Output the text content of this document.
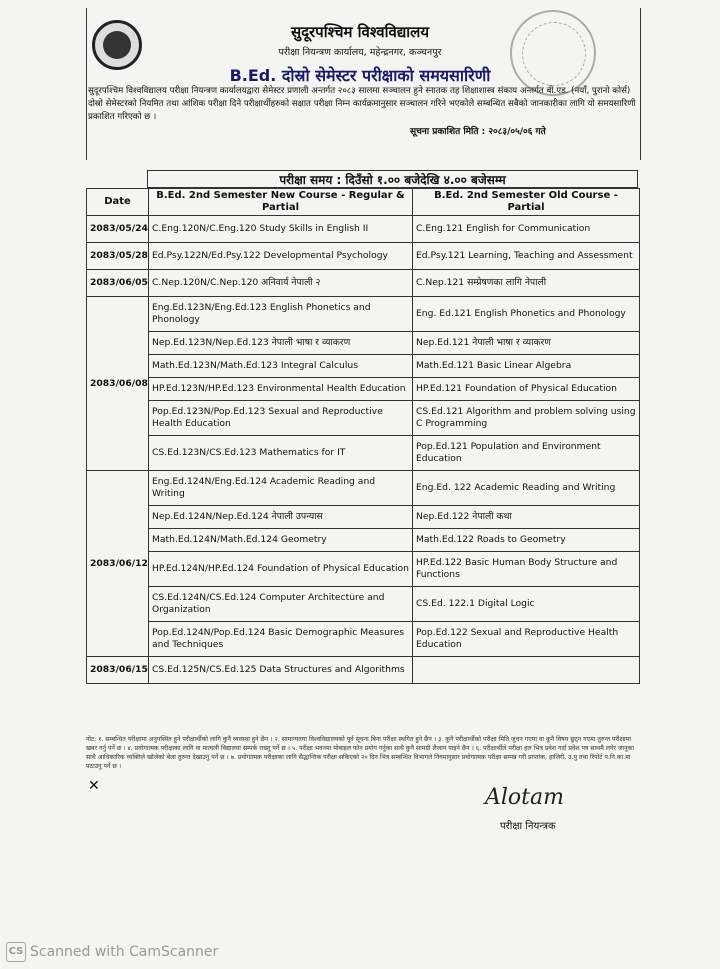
सुदूरपश्चिम विश्वविद्यालय
परीक्षा नियन्त्रण कार्यालय, महेन्द्रनगर, कञ्चनपुर
B.Ed. दोस्रो सेमेस्टर परीक्षाको समयसारिणी
सुदूरपश्चिम विश्वविद्यालय परीक्षा नियन्त्रण कार्यालयद्वारा सेमेस्टर प्रणाली अन्तर्गत २०८३ सालमा सञ्चालन हुने स्नातक तह शिक्षाशास्त्र संकाय अन्तर्गत बी.एड. (नयाँ, पुरानो कोर्स) दोस्रो सेमेस्टरको नियमित तथा आंशिक परीक्षा दिने परीक्षार्थीहरुको सक्षात परीक्षा निम्न कार्यक्रमानुसार सञ्चालन गरिने भएकोले सम्बन्धित सबैको जानकारीका लागि यो समयसारिणी प्रकाशित गरिएको छ ।
सूचना प्रकाशित मिति : २०८३/०५/०६ गते
परीक्षा समय : दिउँसो १.०० बजेदेखि ४.०० बजेसम्म
Date	B.Ed. 2nd Semester New Course - Regular & Partial	B.Ed. 2nd Semester Old Course - Partial
2083/05/24	C.Eng.120N/C.Eng.120 Study Skills in English II	C.Eng.121 English for Communication
2083/05/28	Ed.Psy.122N/Ed.Psy.122 Developmental Psychology	Ed.Psy.121 Learning, Teaching and Assessment
2083/06/05	C.Nep.120N/C.Nep.120 अनिवार्य नेपाली २	C.Nep.121 सम्प्रेषणका लागि नेपाली
2083/06/08	Eng.Ed.123N/Eng.Ed.123 English Phonetics and Phonology	Eng. Ed.121 English Phonetics and Phonology

	Nep.Ed.123N/Nep.Ed.123 नेपाली भाषा र व्याकरण	Nep.Ed.121 नेपाली भाषा र व्याकरण

	Math.Ed.123N/Math.Ed.123 Integral Calculus	Math.Ed.121 Basic Linear Algebra

	HP.Ed.123N/HP.Ed.123 Environmental Health Education	HP.Ed.121 Foundation of Physical Education

	Pop.Ed.123N/Pop.Ed.123 Sexual and Reproductive Health Education	CS.Ed.121 Algorithm and problem solving using C Programming

	CS.Ed.123N/CS.Ed.123 Mathematics for IT	Pop.Ed.121 Population and Environment Education

2083/06/12	Eng.Ed.124N/Eng.Ed.124 Academic Reading and Writing	Eng.Ed. 122 Academic Reading and Writing

	Nep.Ed.124N/Nep.Ed.124 नेपाली उपन्यास	Nep.Ed.122 नेपाली कथा

	Math.Ed.124N/Math.Ed.124 Geometry	Math.Ed.122 Roads to Geometry

	HP.Ed.124N/HP.Ed.124 Foundation of Physical Education	HP.Ed.122 Basic Human Body Structure and Functions

	CS.Ed.124N/CS.Ed.124 Computer Architecture and Organization	CS.Ed. 122.1 Digital Logic

	Pop.Ed.124N/Pop.Ed.124 Basic Demographic Measures and Techniques	Pop.Ed.122 Sexual and Reproductive Health Education

2083/06/15	CS.Ed.125N/CS.Ed.125 Data Structures and Algorithms	
नोट: १. सम्बन्धित परीक्षामा अनुपस्थित हुने परीक्षार्थीको लागि कुनै व्यवस्था हुने छैन । २. सामान्यतया विश्वविद्यालयको पूर्व सूचना बिना परीक्षा स्थगित हुने छैन । ३. कुनै परीक्षार्थीको परीक्षा मिति जुधन गएमा वा कुनै विषय छुट्न गएमा तुरुन्त परीक्षामा खबर गर्नु पर्ने छ । ४. प्रयोगात्मक परीक्षाका लागि वा मात्यली विद्यालया सम्पर्क राख्नु पर्ने छ । ५. परीक्षा भवनमा मोबाइल फोन प्रयोग गर्नुका साथै कुनै सामग्री लैजान पाइने छैन । ६. परीक्षार्थीले परीक्षा हल भित्र प्रवेश गर्दा प्रवेश पत्र साथमै लगेर जानुका साथै आधिकारिक व्यक्तिले खोजेको बेला तुरुन्त देखाउनु पर्ने छ । ७. प्रयोगात्मक परीक्षाका लागि सैद्धान्तिक परीक्षा सकिएको २० दिन भित्र सम्बन्धित विभागले नियमानुसार प्रयोगात्मक परीक्षा सम्पन्न गरी प्राप्तांक, हाजिरी, उ.पु तथा रिपोर्ट प.नि.का.मा पठाउनु पर्ने छ ।
✕	Alotam
परीक्षा नियन्त्रक
CS Scanned with CamScanner
